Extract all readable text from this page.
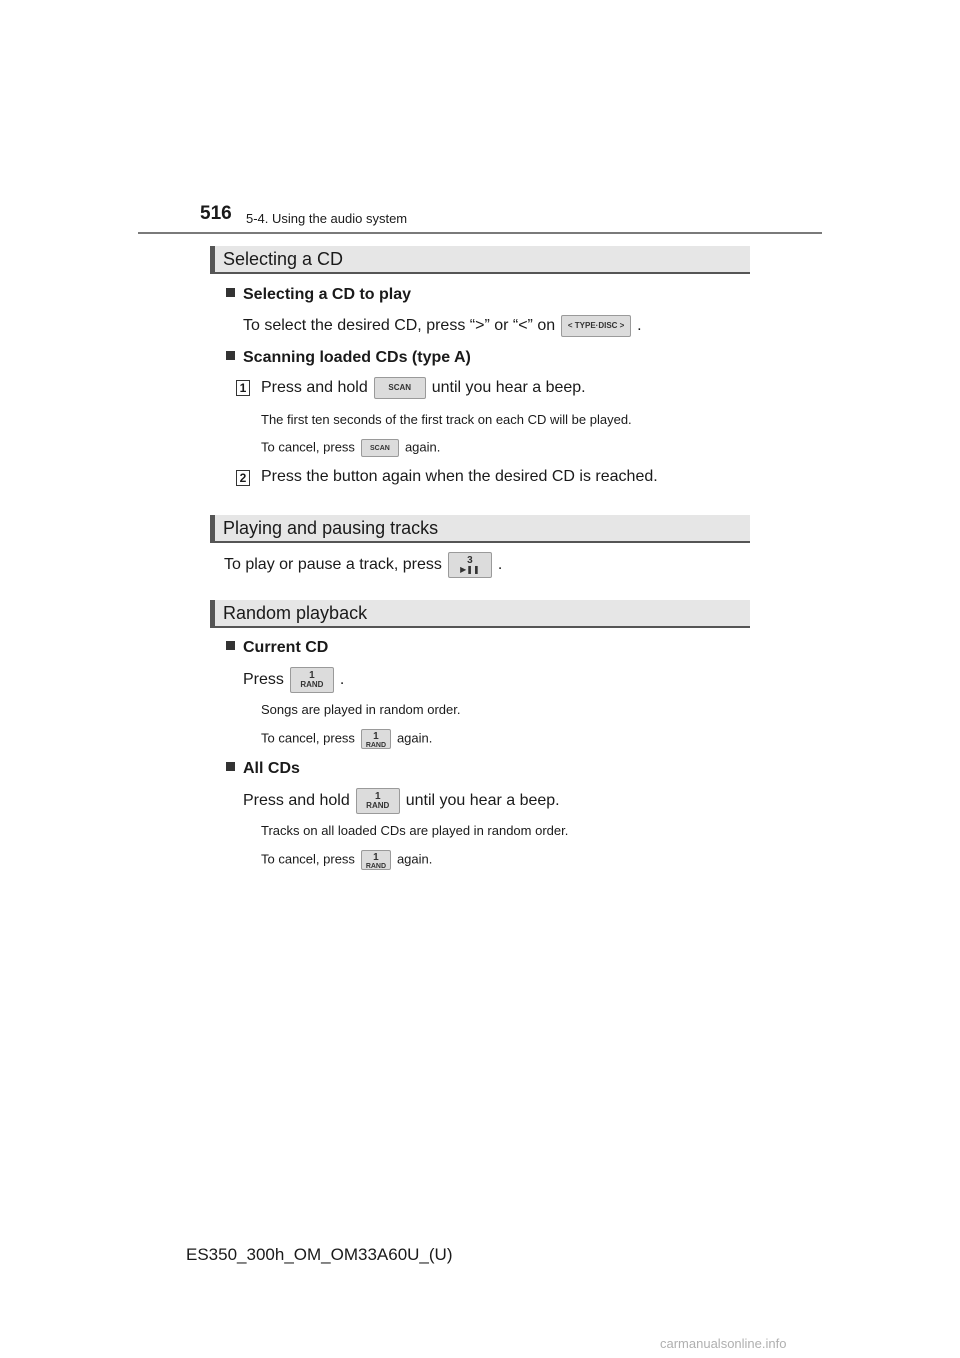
516 5-4. Using the audio system
Selecting a CD
Selecting a CD to play
To select the desired CD, press “>” or “<” on < TYPE·DISC > .
Scanning loaded CDs (type A)
1 Press and hold	SCAN until you hear a beep.
The first ten seconds of the first track on each CD will be played.
To cancel, press SCAN again.
2 Press the button again when the desired CD is reached.
Playing and pausing tracks
To play or pause a track, press	3
▶❚❚ .
Random playback
Current CD
Press	1
RAND .
Songs are played in random order.
To cancel, press	1
RANDagain.
All CDs
Press and hold	1
RAND until you hear a beep.
Tracks on all loaded CDs are played in random order.
To cancel, press	1
RANDagain.
ES350_300h_OM_OM33A60U_(U)
carmanualsonline.info
